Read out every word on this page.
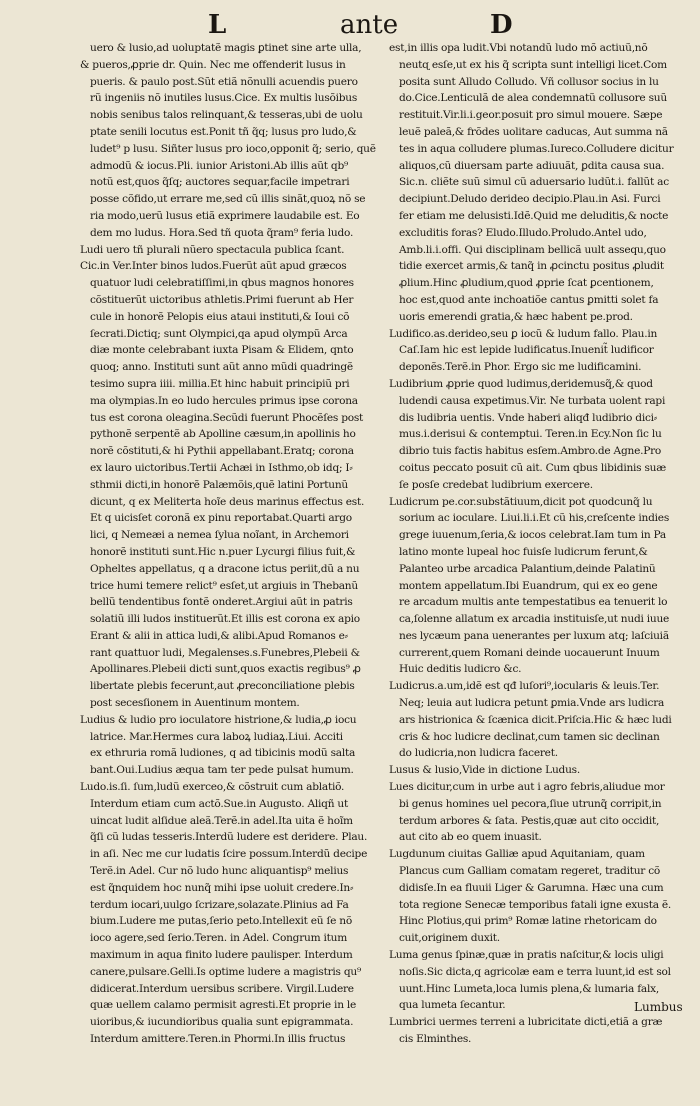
L	ante	D
uero & lusio,ad uoluptatẽ magis ꝑtinet sine arte ulla,
& pueros,ꝓprie dr. Quin. Nec me offenderit lusus in
pueris. & paulo post.Sũt etiã nõnulli acuendis puero
rũ ingeniis nõ inutiles lusus.Cice. Ex multis lusõibus
nobis senibus talos relinquant,& tesseras,ubi de uolu
ptate senili locutus est.Ponit tñ q̃q; lusus pro ludo,&
ludet⁹ p lusu. Siñter lusus pro ioco,opponit q̃; serio, quẽ
admodũ & iocus.Pli. iunior Aristoni.Ab illis aũt qb⁹
notũ est,quos q̃ſq; auctores sequar,facile impetrari
posse cõfido,ut errare me,sed cũ illis sinãt,quoꝝ nõ se
ria modo,uerũ lusus etiã exprimere laudabile est. Eo
dem mo ludus. Hora.Sed tñ quota q̃ram⁹ feria ludo.
Ludi uero tñ plurali nũero spectacula publica ſcant.
Cic.in Ver.Inter binos ludos.Fuerũt aũt apud græcos
quatuor ludi celebratiſſimi,in qbus magnos honores
cõstituerũt uictoribus athletis.Primi fuerunt ab Her
cule in honorẽ Pelopis eius ataui instituti,& Ioui cõ
ſecrati.Dictiq; sunt Olympici,qa apud olympũ Arca
diæ monte celebrabant iuxta Pisam & Elidem, qnto
quoq; anno. Instituti sunt aũt anno mũdi quadringẽ
tesimo supra iiii. millia.Et hinc habuit principiũ pri
ma olympias.In eo ludo hercules primus ipse corona
tus est corona oleagina.Secũdi fuerunt Phocẽſes post
pythonẽ serpentẽ ab Apolline cæsum,in apollinis ho
norẽ cõstituti,& hi Pythii appellabant.Eratq; corona
ex lauro uictoribus.Tertii Achæi in Isthmo,ob idq; I⸗
sthmii dicti,in honorẽ Palæmõis,quẽ latini Portunũ
dicunt, q ex Meliterta hoĩe deus marinus effectus est.
Et q uicisſet coronã ex pinu reportabat.Quarti argo
lici, q Nemeæi a nemea ſylua noĩant, in Archemori
honorẽ instituti sunt.Hic n.puer Lycurgi filius fuit,&
Opheltes appellatus, q a dracone ictus periit,dũ a nu
trice humi temere relict⁹ esſet,ut argiuis in Thebanũ
bellũ tendentibus fontẽ onderet.Argiui aũt in patris
solatiũ illi ludos instituerũt.Et illis est corona ex apio
Erant & alii in attica ludi,& alibi.Apud Romanos e⸗
rant quattuor ludi, Megalenses.s.Funebres,Plebeii &
Apollinares.Plebeii dicti sunt,quos exactis regibus⁹ ꝓ
libertate plebis fecerunt,aut ꝓreconciliatione plebis
post secesſionem in Auentinum montem.
Ludius & ludio pro ioculatore histrione,& ludia,ꝓ iocu
latrice. Mar.Hermes cura laboꝝ ludiaꝝ.Liui. Acciti
ex ethruria romã ludiones, q ad tibicinis modũ salta
bant.Oui.Ludius æqua tam ter pede pulsat humum.
Ludo.is.ſi. ſum,ludũ exerceo,& cõstruit cum ablatiõ.
Interdum etiam cum actõ.Sue.in Augusto. Aliqñ ut
uincat ludit alſidue aleã.Terẽ.in adel.Ita uita ẽ hoĩm
q̃ſi cũ ludas tesseris.Interdũ ludere est deridere. Plau.
in aſi. Nec me cur ludatis ſcire possum.Interdũ decipe
Terẽ.in Adel. Cur nõ ludo hunc aliquantisp⁹ melius
est q̃nquidem hoc nunq̃ mihi ipse uoluit credere.In⸗
terdum iocari,uulgo ſcrizare,solazate.Plinius ad Fa
bium.Ludere me putas,ſerio peto.Intellexit eũ ſe nõ
ioco agere,sed ſerio.Teren. in Adel. Congrum itum
maximum in aqua finito ludere paulisper. Interdum
canere,pulsare.Gelli.Is optime ludere a magistris qu⁹
didicerat.Interdum uersibus scribere. Virgil.Ludere
quæ uellem calamo permisit agresti.Et proprie in le
uioribus,& iucundioribus qualia sunt epigrammata.
Interdum amittere.Teren.in Phormi.In illis fructus
est,in illis opa ludit.Vbi notandũ ludo mõ actiuũ,nõ
neutɋ esſe,ut ex his q̃ scripta sunt intelligi licet.Com
posita sunt Alludo Colludo. Vñ collusor socius in lu
do.Cice.Lenticulã de alea condemnatũ collusore suũ
restituit.Vir.li.i.geor.posuit pro simul mouere. Sæpe
leuẽ paleã,& frõdes uolitare caducas, Aut summa nã
tes in aqua colludere plumas.Iureco.Colludere dicitur
aliquos,cũ diuersam parte adiuuãt, ꝑdita causa sua.
Sic.n. cliẽte suũ simul cũ aduersario ludũt.i. fallũt ac
decipiunt.Deludo derideo decipio.Plau.in Asi. Furci
fer etiam me delusisti.Idẽ.Quid me deluditis,& nocte
excluditis foras? Eludo.Illudo.Proludo.Antel udo,
Amb.li.i.offi. Qui disciplinam bellicã uult assequ,quo
tidie exercet armis,& tanq̃ in ꝓcinctu positus ꝓludit
ꝓlium.Hinc ꝓludium,quod ꝓprie ſcat ꝑcentionem,
hoc est,quod ante inchoatiõe cantus ꝑmitti solet fa
uoris emerendi gratia,& hæc habent pe.prod.
Ludifico.as.derideo,seu ꝑ iocũ & ludum fallo. Plau.in
Caſ.Iam hic est lepide ludificatus.Inuenit̃ ludificor
deponẽs.Terẽ.in Phor. Ergo sic me ludificamini.
Ludibrium ꝓprie quod ludimus,deridemusq̃,& quod
ludendi causa expetimus.Vir. Ne turbata uolent rapi
dis ludibria uentis. Vnde haberi aliqđ ludibrio dici⸗
mus.i.derisui & contemptui. Teren.in Ecy.Non ſic lu
dibrio tuis factis habitus esſem.Ambro.de Agne.Pro
coitus peccato posuit cũ ait. Cum qbus libidinis suæ
ſe posſe credebat ludibrium exercere.
Ludicrum pe.cor.substãtiuum,dicit pot quodcunq̃ lu
sorium ac ioculare. Liui.li.i.Et cũ his,creſcente indies
grege iuuenum,ſeria,& iocos celebrat.Iam tum in Pa
latino monte lupeal hoc fuisſe ludicrum ferunt,&
Palanteo urbe arcadica Palantium,deinde Palatinũ
montem appellatum.Ibi Euandrum, qui ex eo gene
re arcadum multis ante tempestatibus ea tenuerit lo
ca,ſolenne allatum ex arcadia instituisſe,ut nudi iuue
nes lycæum pana uenerantes per luxum atq; laſciuiã
currerent,quem Romani deinde uocauerunt Inuum
Huic deditis ludicro &c.
Ludicrus.a.um,idẽ est qđ luſori⁹,iocularis & leuis.Ter.
Neq; leuia aut ludicra petunt ꝑmia.Vnde ars ludicra
ars histrionica & ſcænica dicit.Priſcia.Hic & hæc ludi
cris & hoc ludicre declinat,cum tamen sic declinan
do ludicria,non ludicra faceret.
Lusus & lusio,Vide in dictione Ludus.
Lues dicitur,cum in urbe aut i agro febris,aliudue mor
bi genus homines uel pecora,ſiue utrunq̃ corripit,in
terdum arbores & ſata. Pestis,quæ aut cito occidit,
aut cito ab eo quem inuasit.
Lugdunum ciuitas Galliæ apud Aquitaniam, quam
Plancus cum Galliam comatam regeret, traditur cõ
didisſe.In ea fluuii Liger & Garumna. Hæc una cum
tota regione Senecæ temporibus fatali igne exusta ẽ.
Hinc Plotius,qui prim⁹ Romæ latine rhetoricam do
cuit,originem duxit.
Luma genus ſpinæ,quæ in pratis naſcitur,& locis uligi
noſis.Sic dicta,q agricolæ eam e terra luunt,id est sol
uunt.Hinc Lumeta,loca lumis plena,& lumaria falx,
qua lumeta ſecantur.
Lumbrici uermes terreni a lubricitate dicti,etiã a græ
cis Elminthes.
Lumbus
